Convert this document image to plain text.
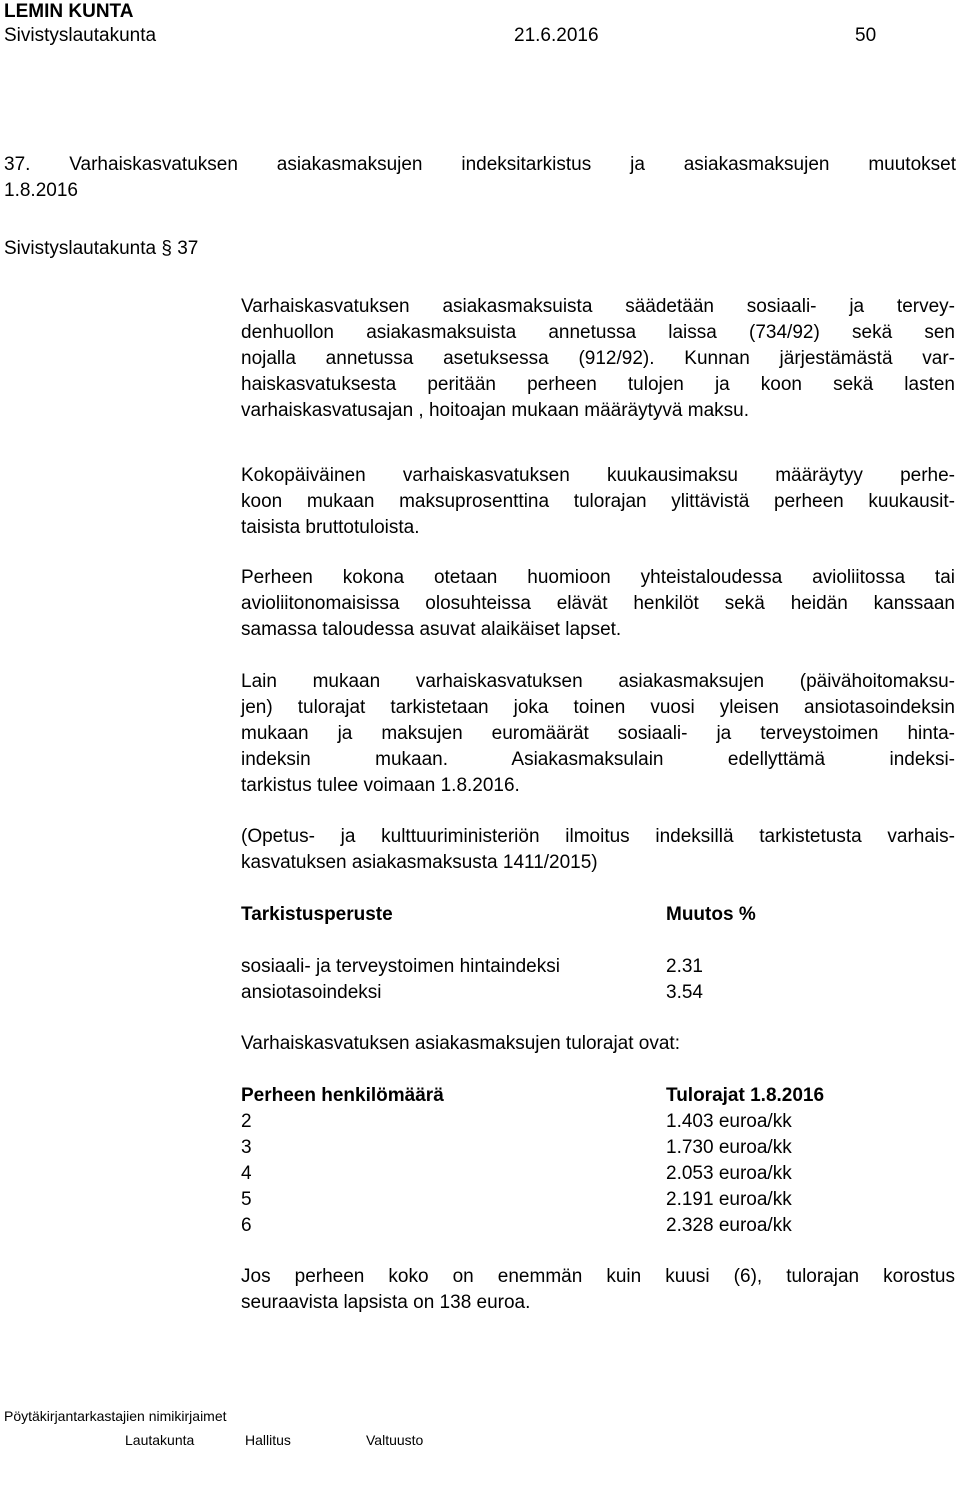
LEMIN KUNTA
Sivistyslautakunta	21.6.2016	50
37. Varhaiskasvatuksen asiakasmaksujen indeksitarkistus ja asiakasmaksujen muutokset
1.8.2016
Sivistyslautakunta § 37
Varhaiskasvatuksen asiakasmaksuista säädetään sosiaali- ja tervey-
denhuollon asiakasmaksuista annetussa laissa (734/92) sekä sen
nojalla annetussa asetuksessa (912/92). Kunnan järjestämästä var-
haiskasvatuksesta peritään perheen tulojen ja koon sekä lasten
varhaiskasvatusajan , hoitoajan mukaan määräytyvä maksu.
Kokopäiväinen varhaiskasvatuksen kuukausimaksu määräytyy perhe-
koon mukaan maksuprosenttina tulorajan ylittävistä perheen kuukausit-
taisista bruttotuloista.
Perheen kokona otetaan huomioon yhteistaloudessa avioliitossa tai
avioliitonomaisissa olosuhteissa elävät henkilöt sekä heidän kanssaan
samassa taloudessa asuvat alaikäiset lapset.
Lain mukaan varhaiskasvatuksen asiakasmaksujen (päivähoitomaksu-
jen) tulorajat tarkistetaan joka toinen vuosi yleisen ansiotasoindeksin
mukaan ja maksujen euromäärät sosiaali- ja terveystoimen hinta-
indeksin mukaan. Asiakasmaksulain edellyttämä indeksi-
tarkistus tulee voimaan 1.8.2016.
(Opetus- ja kulttuuriministeriön ilmoitus indeksillä tarkistetusta varhais-
kasvatuksen asiakasmaksusta 1411/2015)
Tarkistusperuste	Muutos %
sosiaali- ja terveystoimen hintaindeksi	2.31
ansiotasoindeksi	3.54
Varhaiskasvatuksen asiakasmaksujen tulorajat ovat:
Perheen henkilömäärä	Tulorajat 1.8.2016
2	1.403 euroa/kk
3	1.730 euroa/kk
4	2.053 euroa/kk
5	2.191 euroa/kk
6	2.328 euroa/kk
Jos perheen koko on enemmän kuin kuusi (6), tulorajan korostus
seuraavista lapsista on 138 euroa.
Pöytäkirjantarkastajien nimikirjaimet
Lautakunta	Hallitus	Valtuusto
